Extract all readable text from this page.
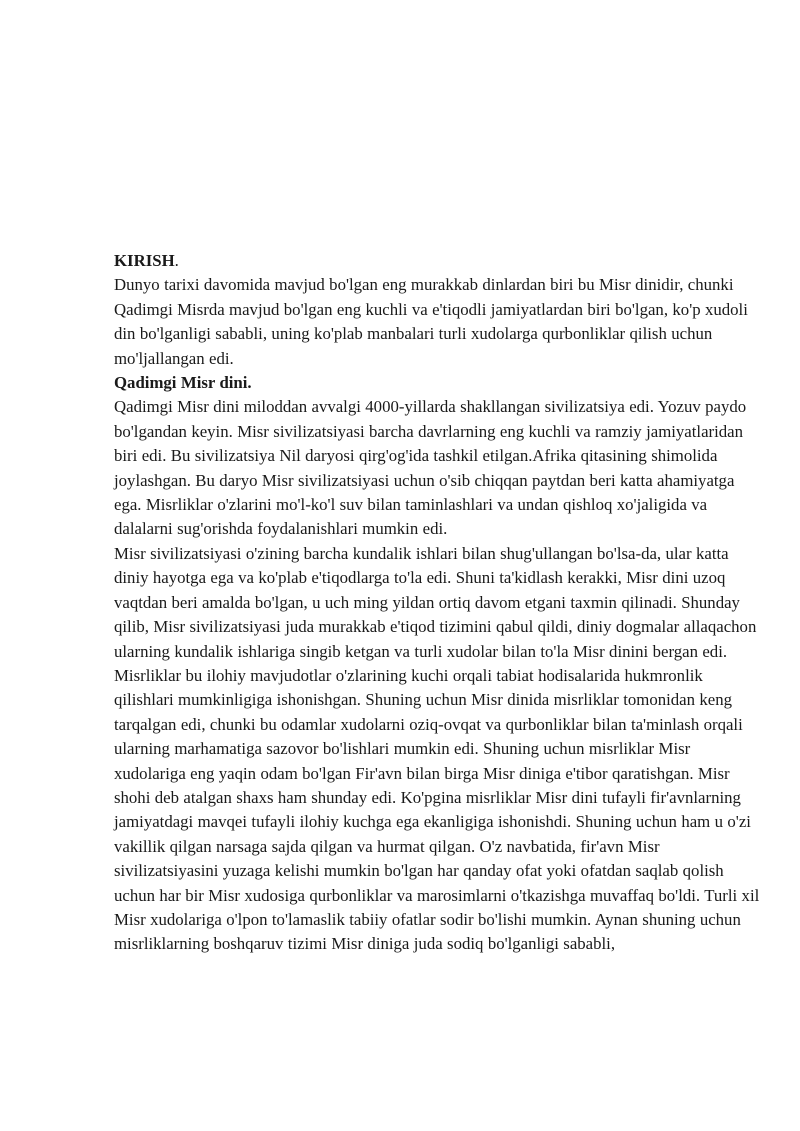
KIRISH.

Dunyo tarixi davomida mavjud bo'lgan eng murakkab dinlardan biri bu Misr dinidir, chunki Qadimgi Misrda mavjud bo'lgan eng kuchli va e'tiqodli jamiyatlardan biri bo'lgan, ko'p xudoli din bo'lganligi sababli, uning ko'plab manbalari turli xudolarga qurbonliklar qilish uchun mo'ljallangan edi.

Qadimgi Misr dini.

Qadimgi Misr dini miloddan avvalgi 4000-yillarda shakllangan sivilizatsiya edi. Yozuv paydo bo'lgandan keyin. Misr sivilizatsiyasi barcha davrlarning eng kuchli va ramziy jamiyatlaridan biri edi. Bu sivilizatsiya Nil daryosi qirg'og'ida tashkil etilgan.Afrika qitasining shimolida joylashgan. Bu daryo Misr sivilizatsiyasi uchun o'sib chiqqan paytdan beri katta ahamiyatga ega. Misrliklar o'zlarini mo'l-ko'l suv bilan taminlashlari va undan qishloq xo'jaligida va dalalarni sug'orishda foydalanishlari mumkin edi.

Misr sivilizatsiyasi o'zining barcha kundalik ishlari bilan shug'ullangan bo'lsa-da, ular katta diniy hayotga ega va ko'plab e'tiqodlarga to'la edi. Shuni ta'kidlash kerakki, Misr dini uzoq vaqtdan beri amalda bo'lgan, u uch ming yildan ortiq davom etgani taxmin qilinadi. Shunday qilib, Misr sivilizatsiyasi juda murakkab e'tiqod tizimini qabul qildi, diniy dogmalar allaqachon ularning kundalik ishlariga singib ketgan va turli xudolar bilan to'la Misr dinini bergan edi. Misrliklar bu ilohiy mavjudotlar o'zlarining kuchi orqali tabiat hodisalarida hukmronlik qilishlari mumkinligiga ishonishgan. Shuning uchun Misr dinida misrliklar tomonidan keng tarqalgan edi, chunki bu odamlar xudolarni oziq-ovqat va qurbonliklar bilan ta'minlash orqali ularning marhamatiga sazovor bo'lishlari mumkin edi. Shuning uchun misrliklar Misr xudolariga eng yaqin odam bo'lgan Fir'avn bilan birga Misr diniga e'tibor qaratishgan. Misr shohi deb atalgan shaxs ham shunday edi. Ko'pgina misrliklar Misr dini tufayli fir'avnlarning jamiyatdagi mavqei tufayli ilohiy kuchga ega ekanligiga ishonishdi. Shuning uchun ham u o'zi vakillik qilgan narsaga sajda qilgan va hurmat qilgan. O'z navbatida, fir'avn Misr sivilizatsiyasini yuzaga kelishi mumkin bo'lgan har qanday ofat yoki ofatdan saqlab qolish uchun har bir Misr xudosiga qurbonliklar va marosimlarni o'tkazishga muvaffaq bo'ldi. Turli xil Misr xudolariga o'lpon to'lamaslik tabiiy ofatlar sodir bo'lishi mumkin. Aynan shuning uchun misrliklarning boshqaruv tizimi Misr diniga juda sodiq bo'lganligi sababli,
